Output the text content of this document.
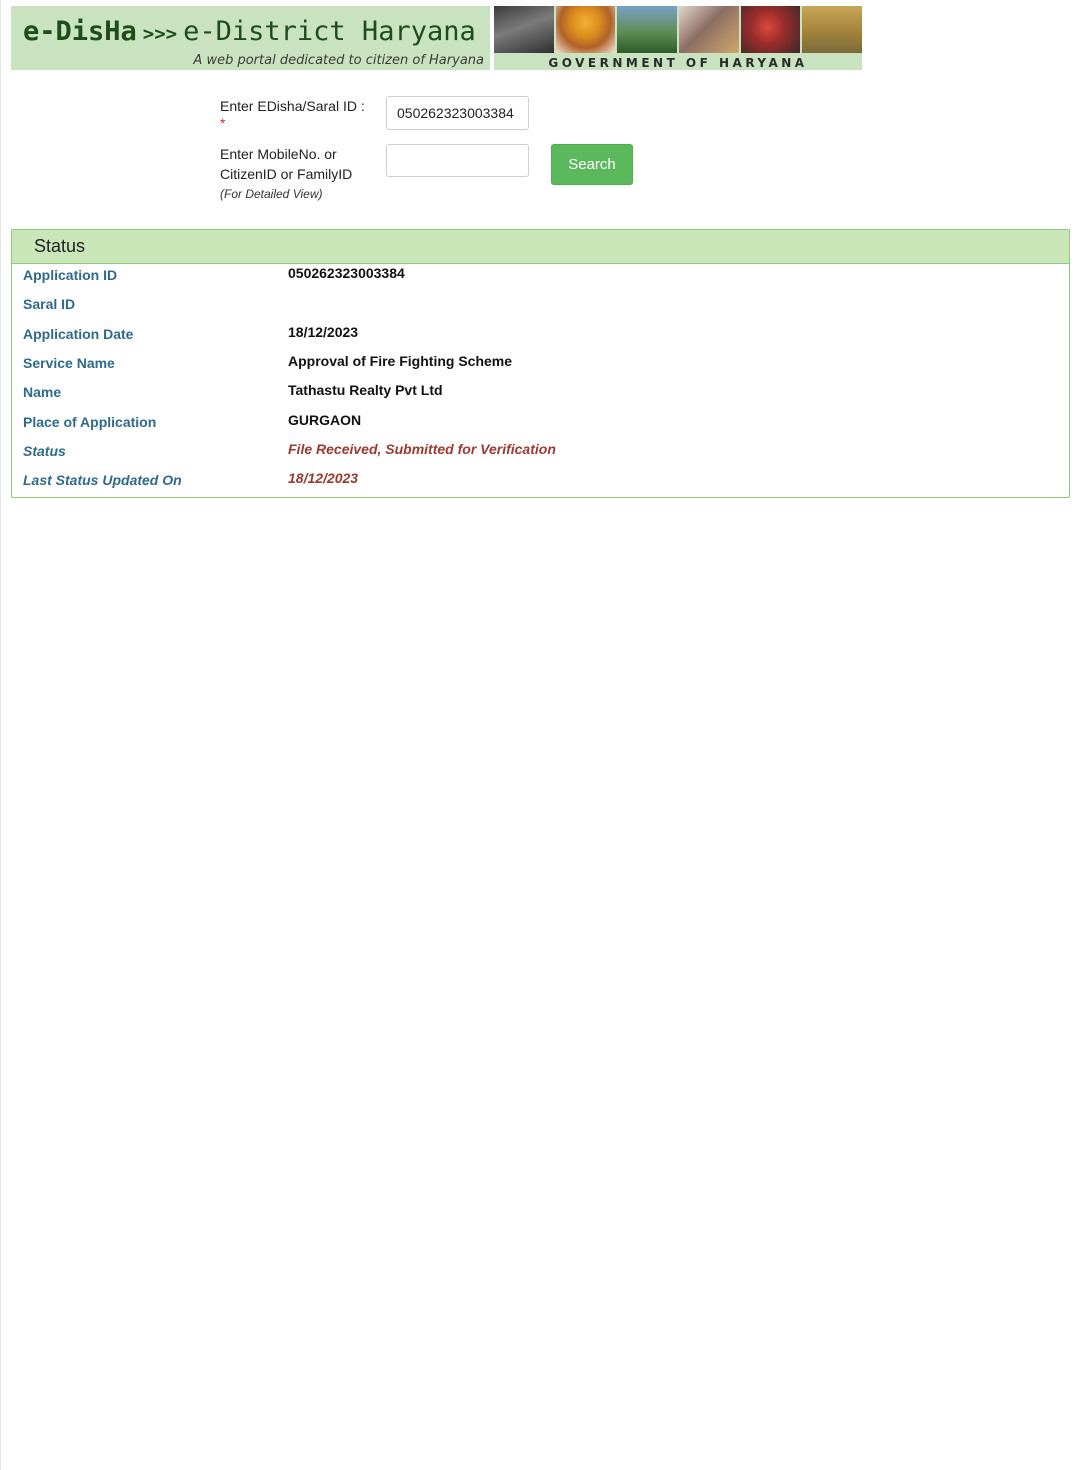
e-DisHa >>> e-District Haryana
A web portal dedicated to citizen of Haryana	GOVERNMENT OF HARYANA
Enter EDisha/Saral ID :
*
050262323003384
Enter MobileNo. or
CitizenID or FamilyID
(For Detailed View)
Search
Status
Application ID	050262323003384
Saral ID
Application Date	18/12/2023
Service Name	Approval of Fire Fighting Scheme
Name	Tathastu Realty Pvt Ltd
Place of Application	GURGAON
Status	File Received, Submitted for Verification
Last Status Updated On	18/12/2023
